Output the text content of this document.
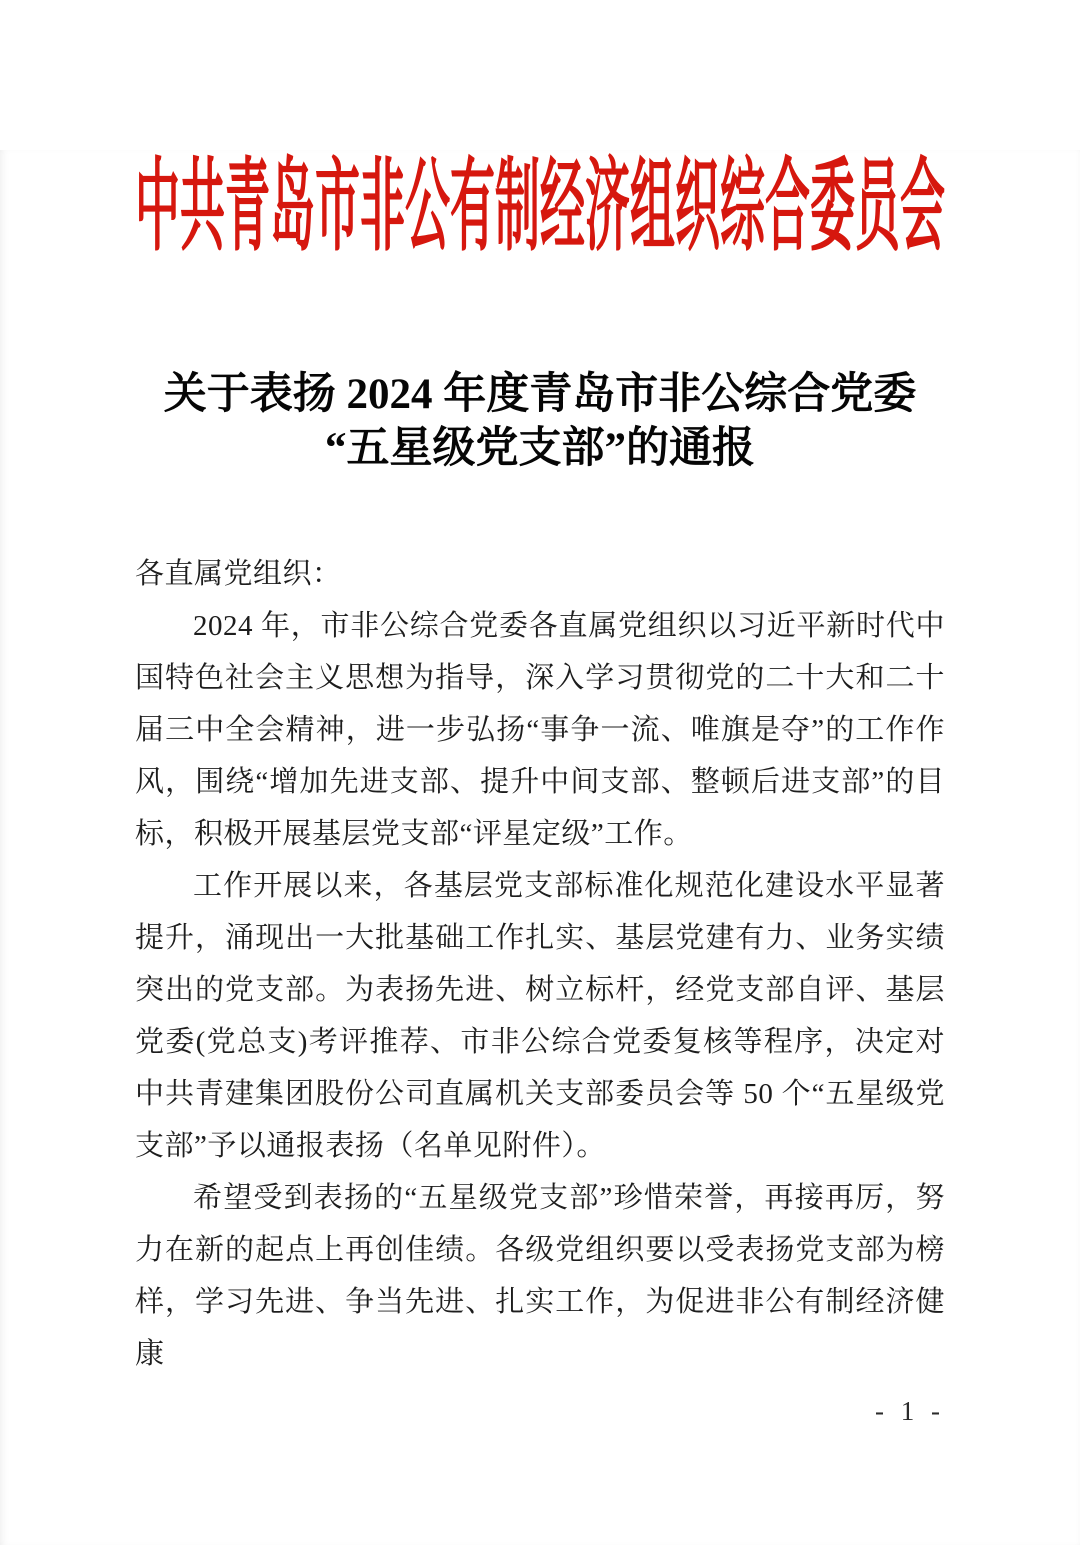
中共青岛市非公有制经济组织综合委员会
关于表扬 2024 年度青岛市非公综合党委
“五星级党支部”的通报

各直属党组织：

2024 年，市非公综合党委各直属党组织以习近平新时代中国特色社会主义思想为指导，深入学习贯彻党的二十大和二十届三中全会精神，进一步弘扬“事争一流、唯旗是夺”的工作作风，围绕“增加先进支部、提升中间支部、整顿后进支部”的目标，积极开展基层党支部“评星定级”工作。

工作开展以来，各基层党支部标准化规范化建设水平显著提升，涌现出一大批基础工作扎实、基层党建有力、业务实绩突出的党支部。为表扬先进、树立标杆，经党支部自评、基层党委(党总支)考评推荐、市非公综合党委复核等程序，决定对中共青建集团股份公司直属机关支部委员会等 50 个“五星级党支部”予以通报表扬（名单见附件）。

希望受到表扬的“五星级党支部”珍惜荣誉，再接再厉，努力在新的起点上再创佳绩。各级党组织要以受表扬党支部为榜样，学习先进、争当先进、扎实工作，为促进非公有制经济健康

- 1 -
